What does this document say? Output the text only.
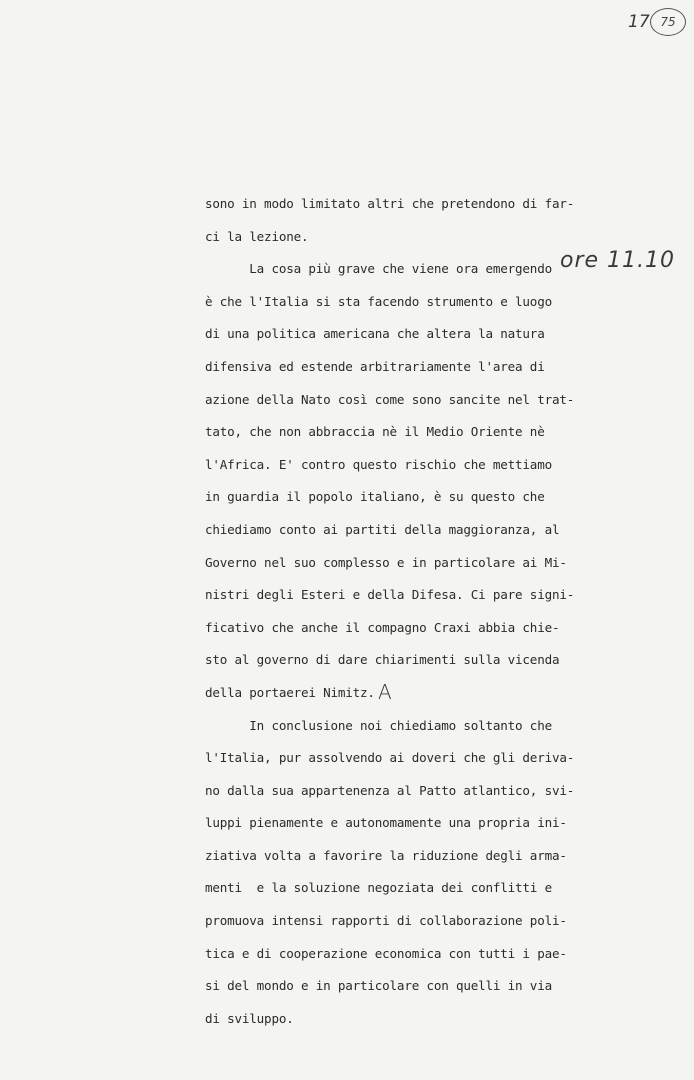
17 75
ore 11.10
A
sono in modo limitato altri che pretendono di far-
ci la lezione.
La cosa più grave che viene ora emergendo
è che l'Italia si sta facendo strumento e luogo
di una politica americana che altera la natura
difensiva ed estende arbitrariamente l'area di
azione della Nato così come sono sancite nel trat-
tato, che non abbraccia nè il Medio Oriente nè
l'Africa. E' contro questo rischio che mettiamo
in guardia il popolo italiano, è su questo che
chiediamo conto ai partiti della maggioranza, al
Governo nel suo complesso e in particolare ai Mi-
nistri degli Esteri e della Difesa. Ci pare signi-
ficativo che anche il compagno Craxi abbia chie-
sto al governo di dare chiarimenti sulla vicenda
della portaerei Nimitz.
In conclusione noi chiediamo soltanto che
l'Italia, pur assolvendo ai doveri che gli deriva-
no dalla sua appartenenza al Patto atlantico, svi-
luppi pienamente e autonomamente una propria ini-
ziativa volta a favorire la riduzione degli arma-
menti  e la soluzione negoziata dei conflitti e
promuova intensi rapporti di collaborazione poli-
tica e di cooperazione economica con tutti i pae-
si del mondo e in particolare con quelli in via
di sviluppo.
